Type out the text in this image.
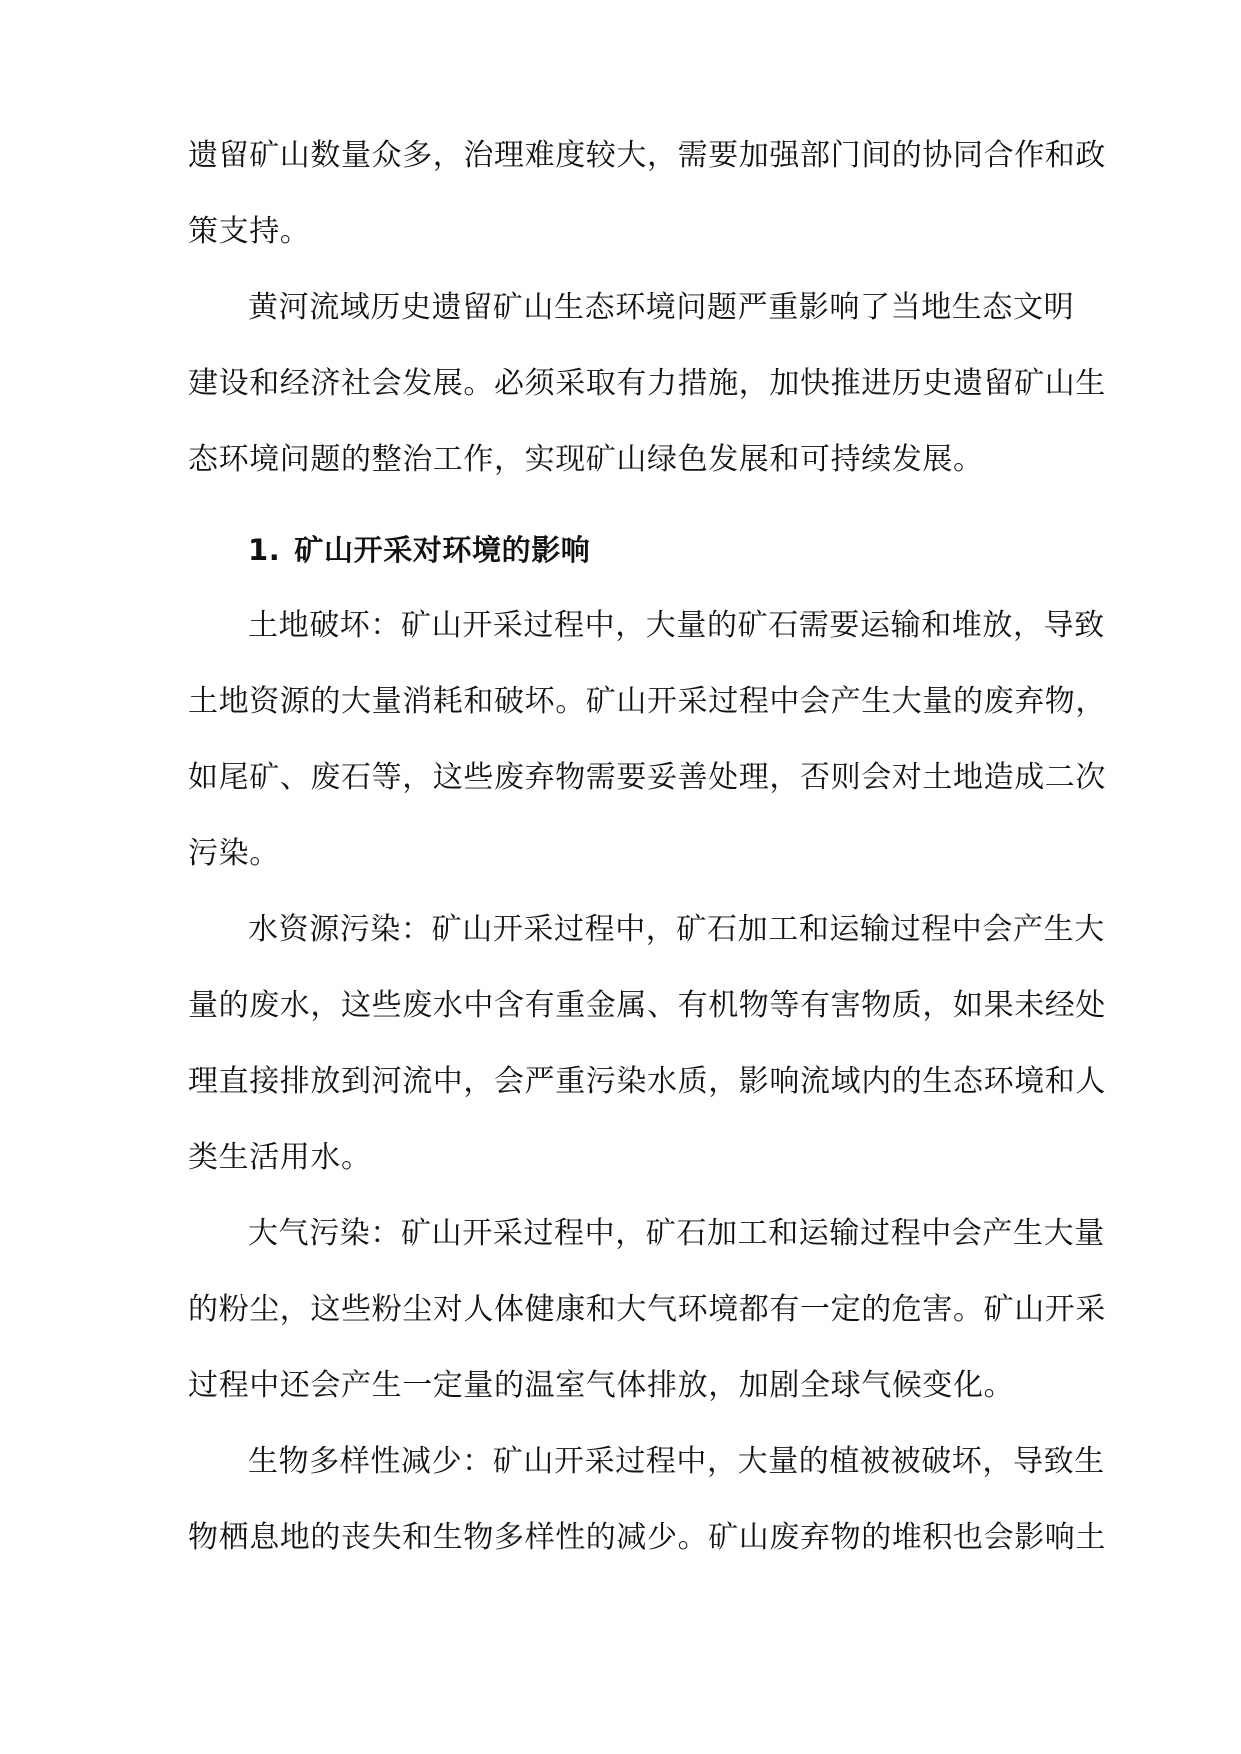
遗留矿山数量众多，治理难度较大，需要加强部门间的协同合作和政
策支持。

黄河流域历史遗留矿山生态环境问题严重影响了当地生态文明
建设和经济社会发展。必须采取有力措施，加快推进历史遗留矿山生
态环境问题的整治工作，实现矿山绿色发展和可持续发展。

1. 矿山开采对环境的影响

土地破坏：矿山开采过程中，大量的矿石需要运输和堆放，导致
土地资源的大量消耗和破坏。矿山开采过程中会产生大量的废弃物，
如尾矿、废石等，这些废弃物需要妥善处理，否则会对土地造成二次
污染。

水资源污染：矿山开采过程中，矿石加工和运输过程中会产生大
量的废水，这些废水中含有重金属、有机物等有害物质，如果未经处
理直接排放到河流中，会严重污染水质，影响流域内的生态环境和人
类生活用水。

大气污染：矿山开采过程中，矿石加工和运输过程中会产生大量
的粉尘，这些粉尘对人体健康和大气环境都有一定的危害。矿山开采
过程中还会产生一定量的温室气体排放，加剧全球气候变化。

生物多样性减少：矿山开采过程中，大量的植被被破坏，导致生
物栖息地的丧失和生物多样性的减少。矿山废弃物的堆积也会影响土
